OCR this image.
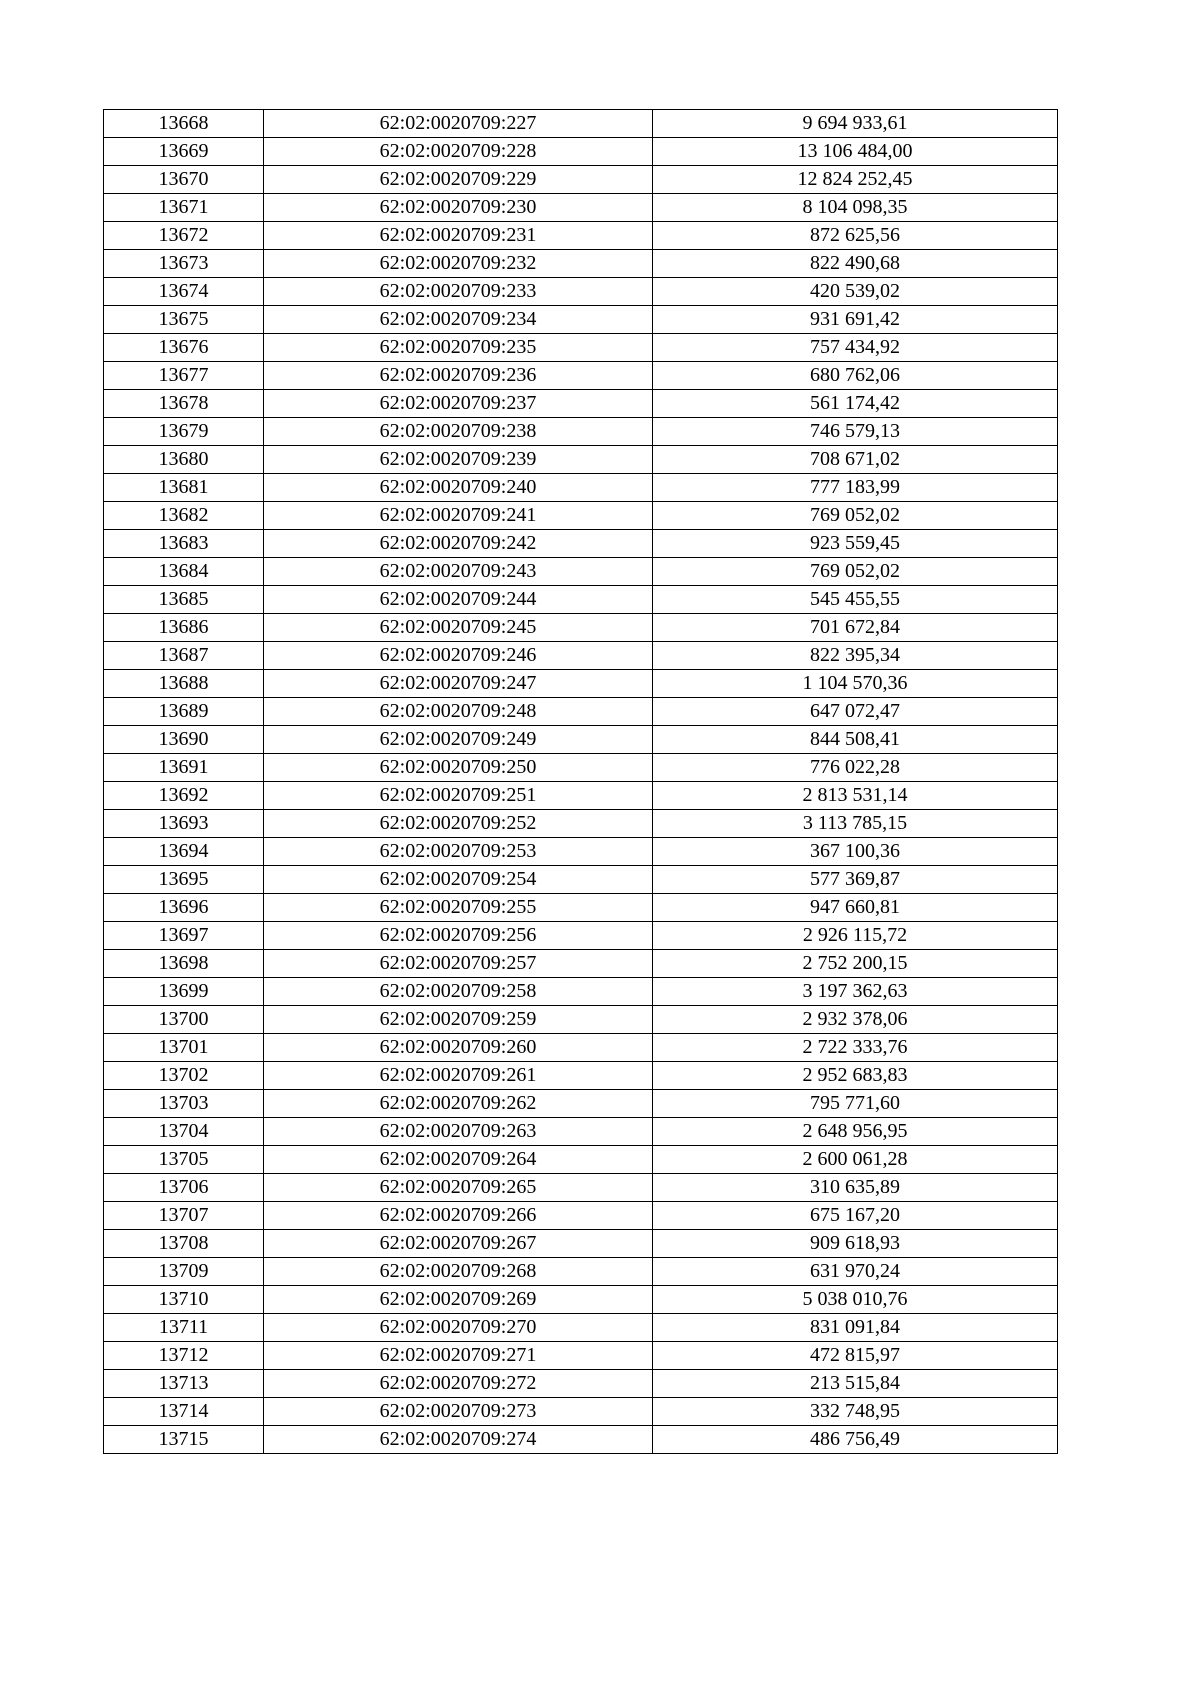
13668	62:02:0020709:227	9 694 933,61
13669	62:02:0020709:228	13 106 484,00
13670	62:02:0020709:229	12 824 252,45
13671	62:02:0020709:230	8 104 098,35
13672	62:02:0020709:231	872 625,56
13673	62:02:0020709:232	822 490,68
13674	62:02:0020709:233	420 539,02
13675	62:02:0020709:234	931 691,42
13676	62:02:0020709:235	757 434,92
13677	62:02:0020709:236	680 762,06
13678	62:02:0020709:237	561 174,42
13679	62:02:0020709:238	746 579,13
13680	62:02:0020709:239	708 671,02
13681	62:02:0020709:240	777 183,99
13682	62:02:0020709:241	769 052,02
13683	62:02:0020709:242	923 559,45
13684	62:02:0020709:243	769 052,02
13685	62:02:0020709:244	545 455,55
13686	62:02:0020709:245	701 672,84
13687	62:02:0020709:246	822 395,34
13688	62:02:0020709:247	1 104 570,36
13689	62:02:0020709:248	647 072,47
13690	62:02:0020709:249	844 508,41
13691	62:02:0020709:250	776 022,28
13692	62:02:0020709:251	2 813 531,14
13693	62:02:0020709:252	3 113 785,15
13694	62:02:0020709:253	367 100,36
13695	62:02:0020709:254	577 369,87
13696	62:02:0020709:255	947 660,81
13697	62:02:0020709:256	2 926 115,72
13698	62:02:0020709:257	2 752 200,15
13699	62:02:0020709:258	3 197 362,63
13700	62:02:0020709:259	2 932 378,06
13701	62:02:0020709:260	2 722 333,76
13702	62:02:0020709:261	2 952 683,83
13703	62:02:0020709:262	795 771,60
13704	62:02:0020709:263	2 648 956,95
13705	62:02:0020709:264	2 600 061,28
13706	62:02:0020709:265	310 635,89
13707	62:02:0020709:266	675 167,20
13708	62:02:0020709:267	909 618,93
13709	62:02:0020709:268	631 970,24
13710	62:02:0020709:269	5 038 010,76
13711	62:02:0020709:270	831 091,84
13712	62:02:0020709:271	472 815,97
13713	62:02:0020709:272	213 515,84
13714	62:02:0020709:273	332 748,95
13715	62:02:0020709:274	486 756,49
